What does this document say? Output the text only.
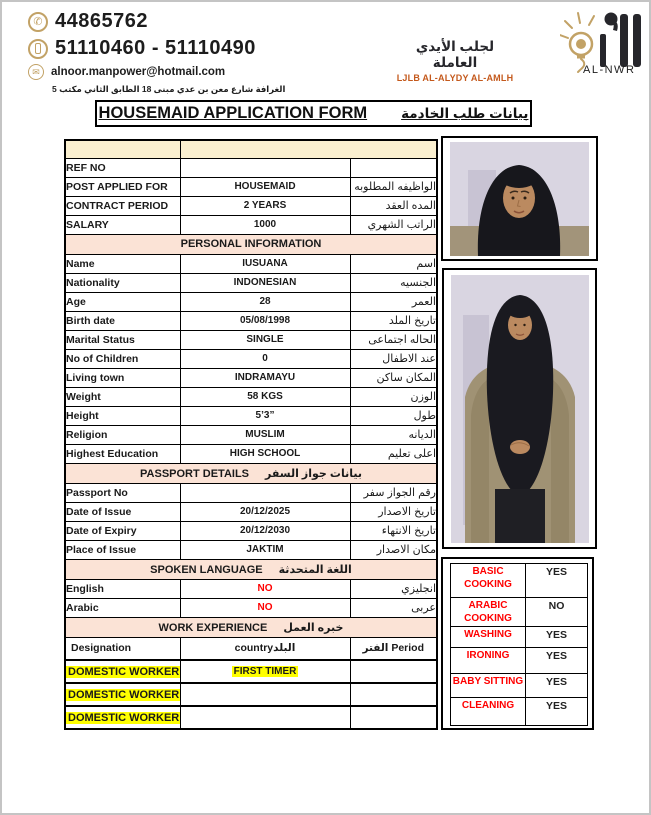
✆ 44865762
51110460 - 51110490
✉ alnoor.manpower@hotmail.com
الغرافة شارع معن بن عدي مبنى 18 الطابق الثاني مكتب 5
لجلب الأيدي العاملة
LJLB AL-ALYDY AL-AMLH
AL-NWR
HOUSEMAID APPLICATION FORM	بيانات طلب الخادمة

REF NO		
POST APPLIED FOR	HOUSEMAID	الواظيفه المطلوبه
CONTRACT PERIOD	2 YEARS	المده العقد
SALARY	1000	الراتب الشهري
PERSONAL INFORMATION		
Name	IUSUANA	اسم
Nationality	INDONESIAN	الجنسيه
Age	28	العمر
Birth date	05/08/1998	تاريخ الملد
Marital Status	SINGLE	الحاله اجتماعى
No of Children	0	عند الاطفال
Living town	INDRAMAYU	المكان ساكن
Weight	58 KGS	الوزن
Height	5’3”	طول
Religion	MUSLIM	الديانه
Highest Education	HIGH SCHOOL	اعلى تعليم
PASSPORT DETAILS بيانات جواز السفر		
Passport No		رقم الجواز سفر
Date of Issue	20/12/2025	تاريخ الاصدار
Date of Expiry	20/12/2030	تاريخ الانتهاء
Place of Issue	JAKTIM	مكان الاصدار
SPOKEN LANGUAGE اللغة المتحدثة		
English	NO	انجليزي
Arabic	NO	عربى
WORK EXPERIENCE خبره العمل		
Designation	countryالبلد	الفتر Period
DOMESTIC WORKER	FIRST TIMER	
DOMESTIC WORKER		
DOMESTIC WORKER		
BASIC COOKING	YES
ARABIC COOKING	NO
WASHING	YES
IRONING	YES
BABY SITTING	YES
CLEANING	YES
